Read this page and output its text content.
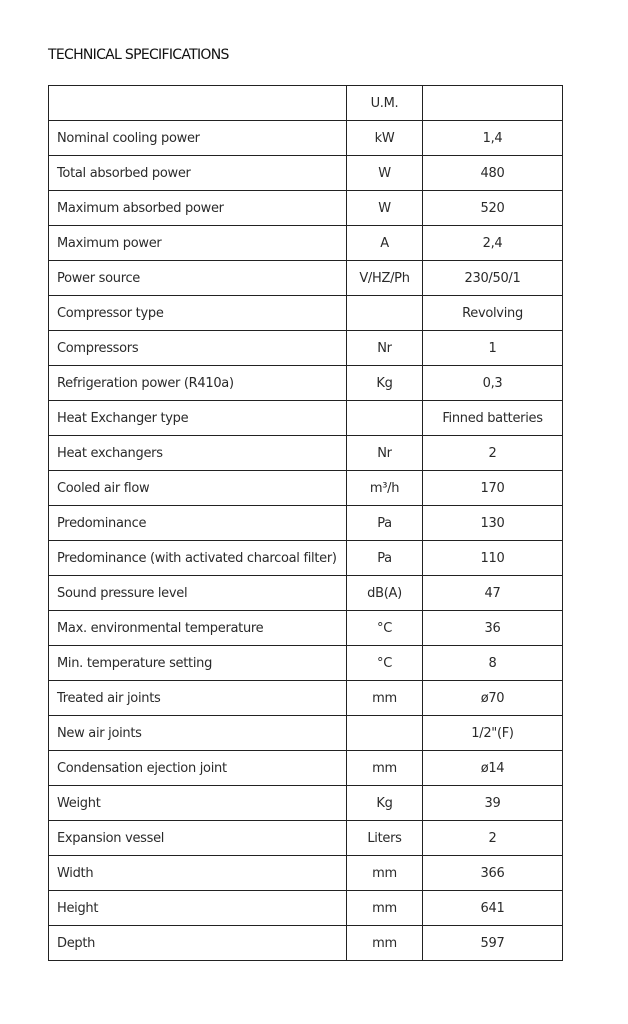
TECHNICAL SPECIFICATIONS
	U.M.	
Nominal cooling power	kW	1,4
Total absorbed power	W	480
Maximum absorbed power	W	520
Maximum power	A	2,4
Power source	V/HZ/Ph	230/50/1
Compressor type		Revolving
Compressors	Nr	1
Refrigeration power (R410a)	Kg	0,3
Heat Exchanger type		Finned batteries
Heat exchangers	Nr	2
Cooled air flow	m³/h	170
Predominance	Pa	130
Predominance (with activated charcoal filter)	Pa	110
Sound pressure level	dB(A)	47
Max. environmental temperature	°C	36
Min. temperature setting	°C	8
Treated air joints	mm	ø70
New air joints		1/2"(F)
Condensation ejection joint	mm	ø14
Weight	Kg	39
Expansion vessel	Liters	2
Width	mm	366
Height	mm	641
Depth	mm	597
